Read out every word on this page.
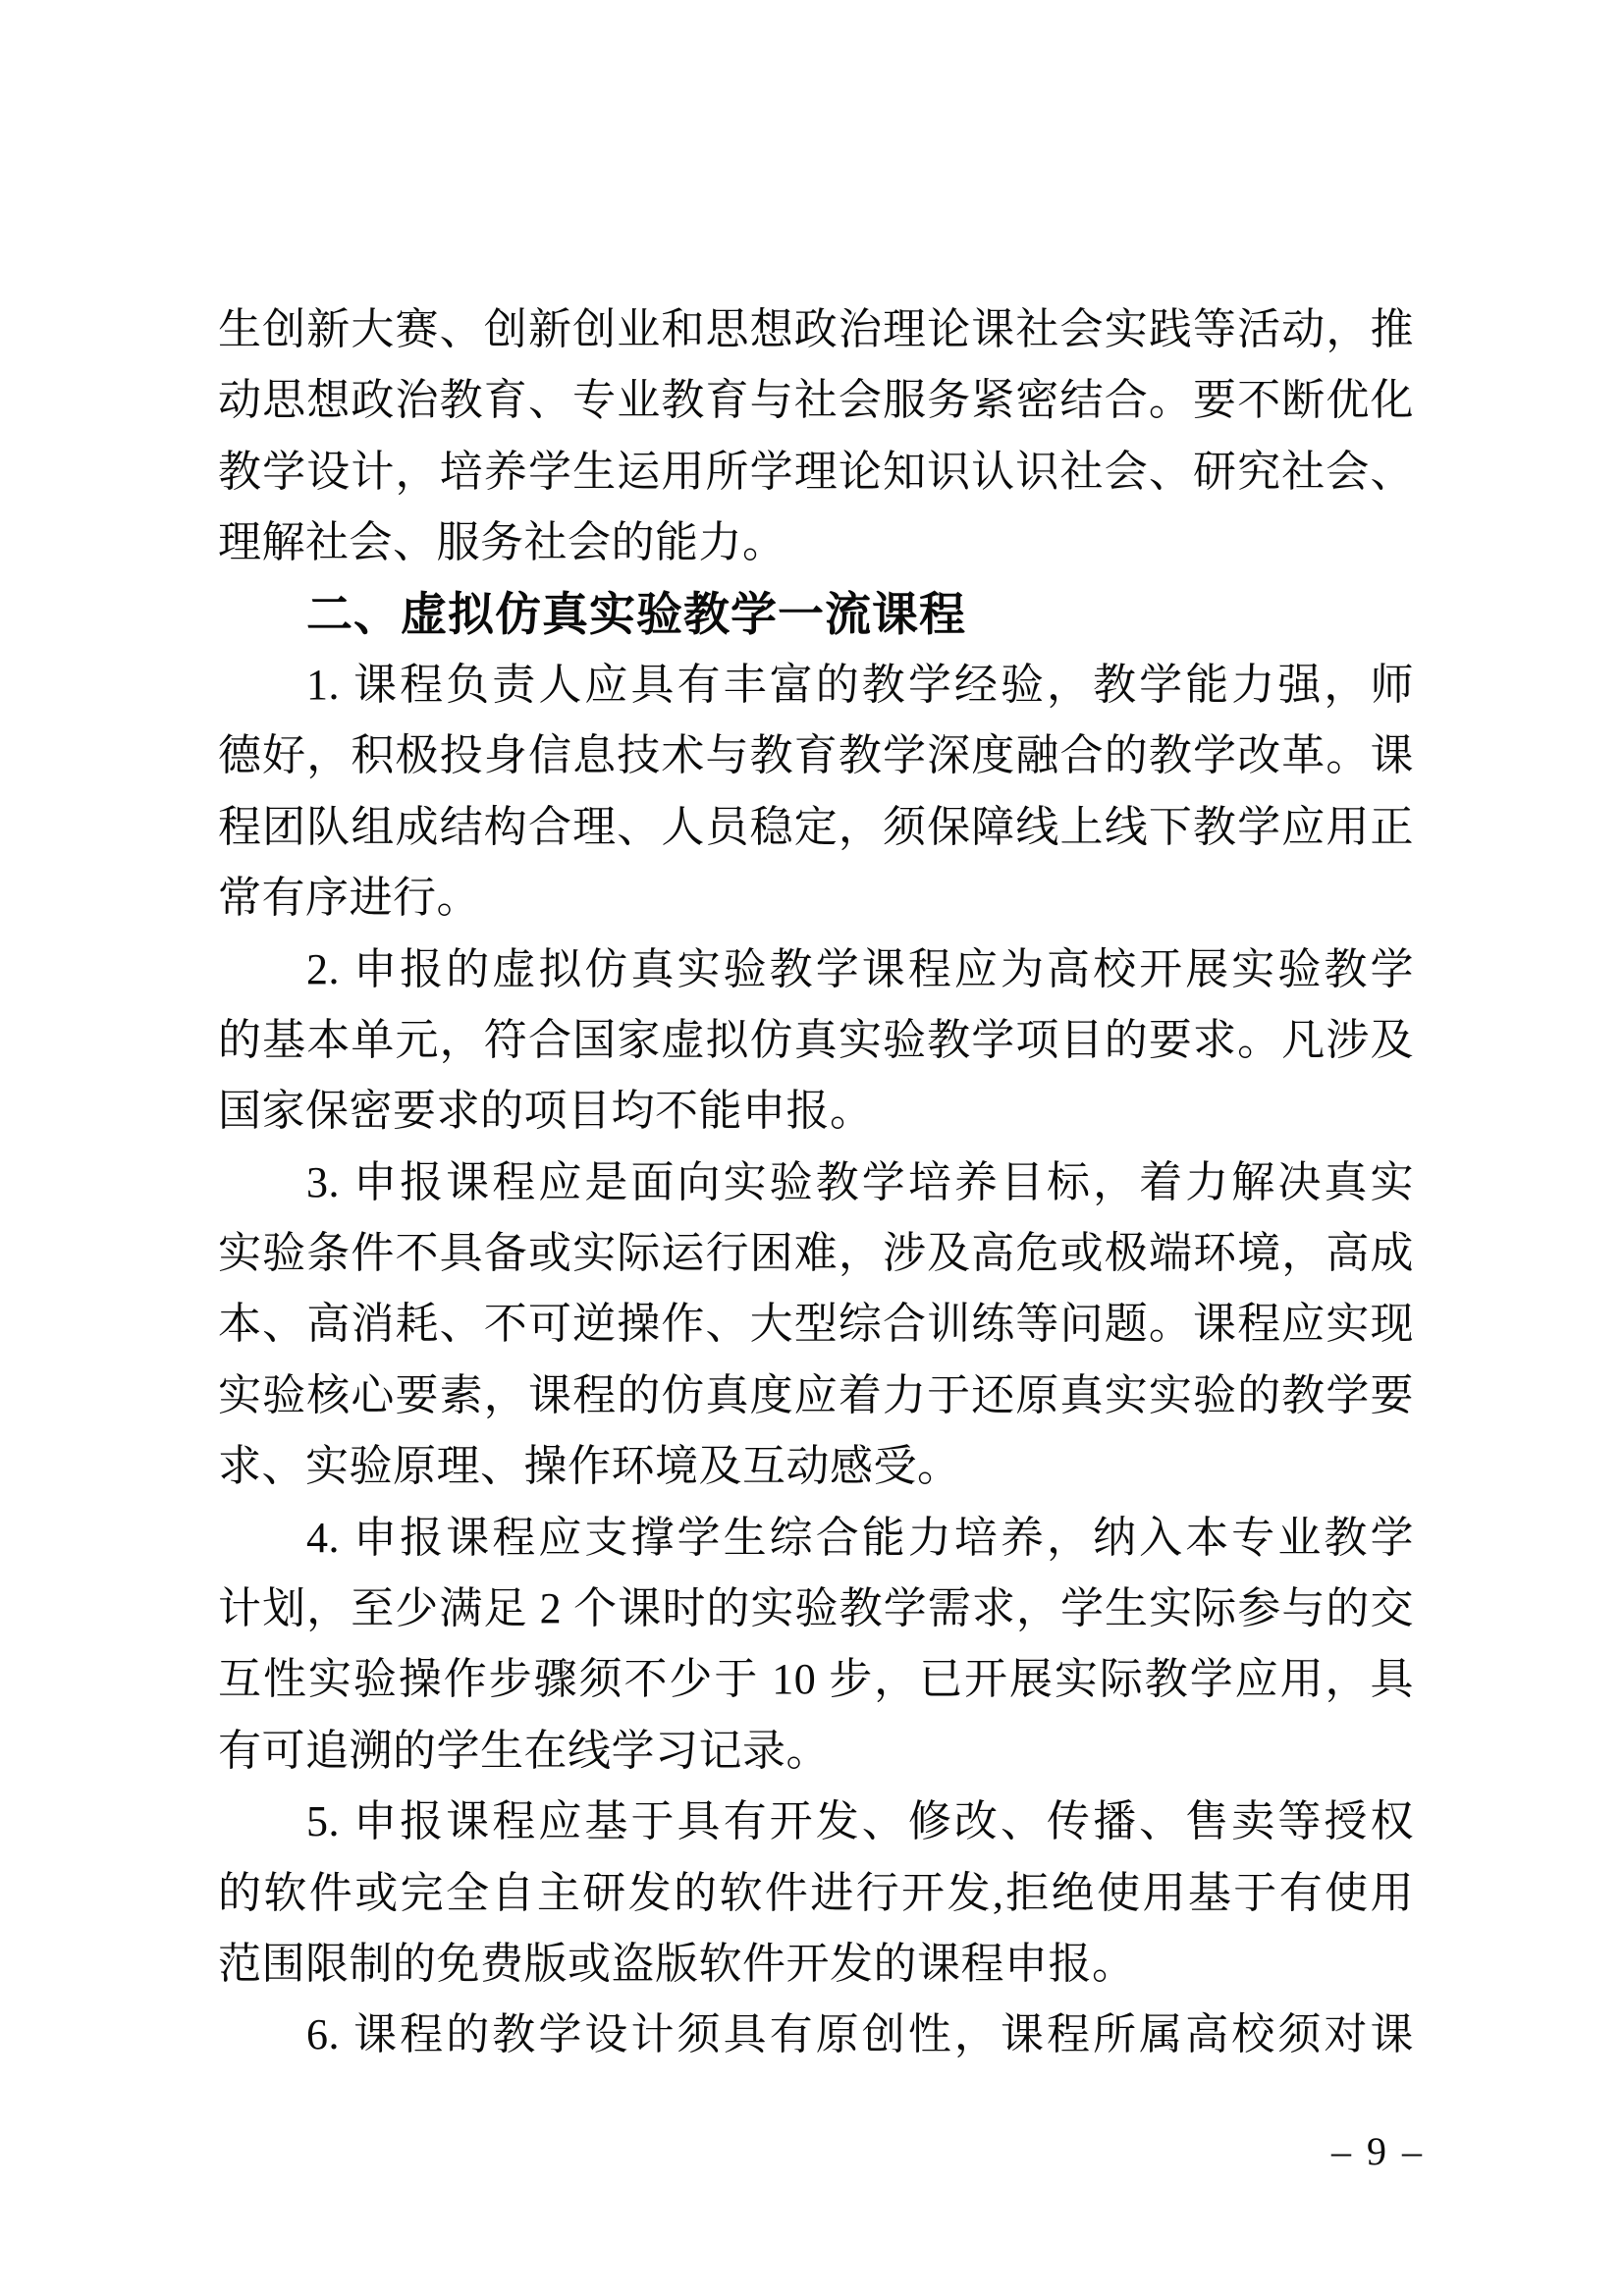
生创新大赛、创新创业和思想政治理论课社会实践等活动，推
动思想政治教育、专业教育与社会服务紧密结合。要不断优化
教学设计，培养学生运用所学理论知识认识社会、研究社会、
理解社会、服务社会的能力。
二、虚拟仿真实验教学一流课程
1. 课程负责人应具有丰富的教学经验，教学能力强，师
德好，积极投身信息技术与教育教学深度融合的教学改革。课
程团队组成结构合理、人员稳定，须保障线上线下教学应用正
常有序进行。
2. 申报的虚拟仿真实验教学课程应为高校开展实验教学
的基本单元，符合国家虚拟仿真实验教学项目的要求。凡涉及
国家保密要求的项目均不能申报。
3. 申报课程应是面向实验教学培养目标，着力解决真实
实验条件不具备或实际运行困难，涉及高危或极端环境，高成
本、高消耗、不可逆操作、大型综合训练等问题。课程应实现
实验核心要素，课程的仿真度应着力于还原真实实验的教学要
求、实验原理、操作环境及互动感受。
4. 申报课程应支撑学生综合能力培养，纳入本专业教学
计划，至少满足 2 个课时的实验教学需求，学生实际参与的交
互性实验操作步骤须不少于 10 步，已开展实际教学应用，具
有可追溯的学生在线学习记录。
5. 申报课程应基于具有开发、修改、传播、售卖等授权
的软件或完全自主研发的软件进行开发,拒绝使用基于有使用
范围限制的免费版或盗版软件开发的课程申报。
6. 课程的教学设计须具有原创性，课程所属高校须对课
– 9 –
